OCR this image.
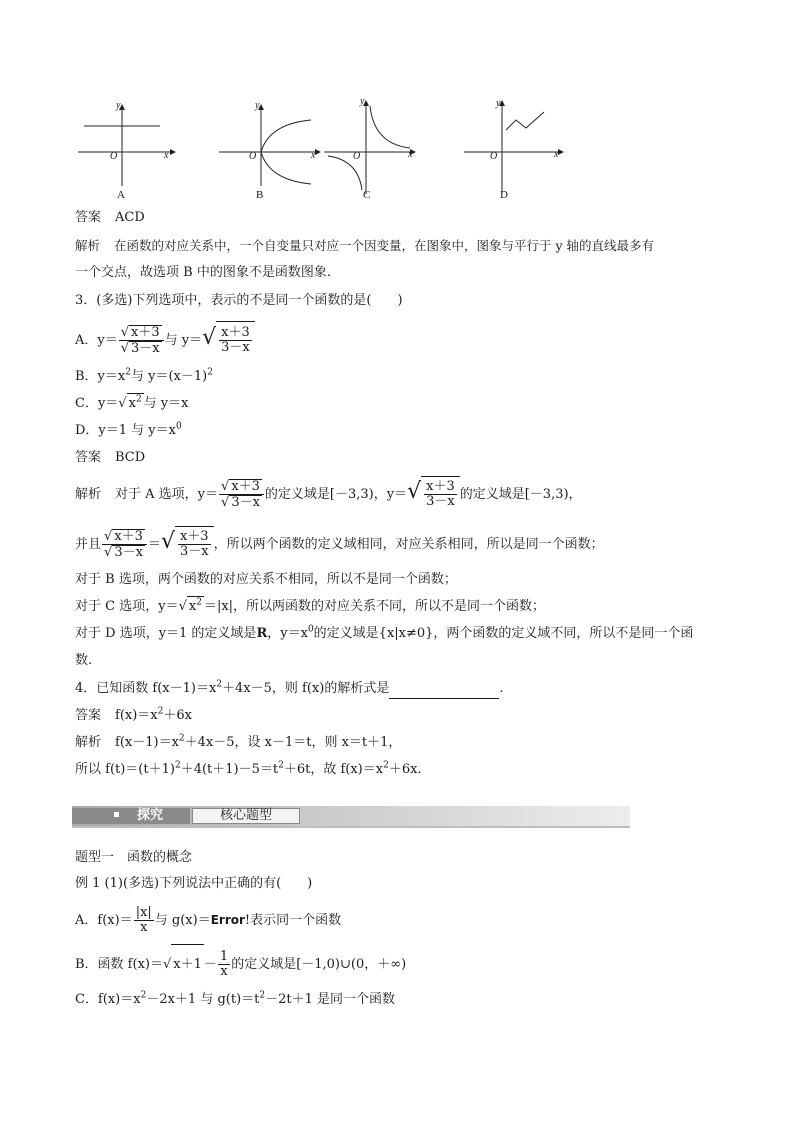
y
x
O
A
y
x
O
B
y
x
O
C
y
x
O
D
答案 ACD
解析 在函数的对应关系中，一个自变量只对应一个因变量，在图象中，图象与平行于 y 轴的直线最多有
一个交点，故选项 B 中的图象不是函数图象.
3．(多选)下列选项中，表示的不是同一个函数的是(　　)
A．$y= \frac{√ x+3}{√ 3-x}$ 与 $y=√ \frac{x+3}{3-x}$
B．$y=x^2$与 $y=(x-1)^2$
C．y＝√ $x^2$ 与 y＝x
D．y＝1 与 $y=x^0$
答案 BCD
解析 对于 A 选项，$y= \frac{√ x+3}{√ 3-x}$ 的定义域是[－3,3)，$y=√ \frac{x+3}{3-x}$ 的定义域是[－3,3)，
并且 $\frac{√ x+3}{√ 3-x}$ ＝√ $\frac{x+3}{3-x}$ ，所以两个函数的定义域相同，对应关系相同，所以是同一个函数；
对于 B 选项，两个函数的对应关系不相同，所以不是同一个函数；
对于 C 选项，y＝√ $x^2 =|x|$，所以两函数的对应关系不同，所以不是同一个函数；
对于 D 选项，y＝1 的定义域是R，$y=x^0$的定义域是{x|x≠0}，两个函数的定义域不同，所以不是同一个函
数.
4．已知函数 $f(x-1)=x^2+4x-5$，则 f(x)的解析式是	.
答案 $f(x)=x^2+6x$
解析 $f(x-1)=x^2+4x-5$，设 x－1＝t，则 x＝t＋1，
所以 $f(t)=(t+1)^2+4(t+1)-5=t^2+6t$，故 $f(x)=x^2+6x$.
探究	核心题型
题型一　函数的概念
例 1 (1)(多选)下列说法中正确的有(　　)
A．$f(x)= \frac{|x|}{x}$ 与 g(x)＝Error!表示同一个函数
B．函数 f(x)＝√ $x+1 - \frac{1}{x}$ 的定义域是[－1,0)∪(0，＋∞)
C．$f(x)=x^2-2x+1$ 与 $g(t)=t^2-2t+1$ 是同一个函数
